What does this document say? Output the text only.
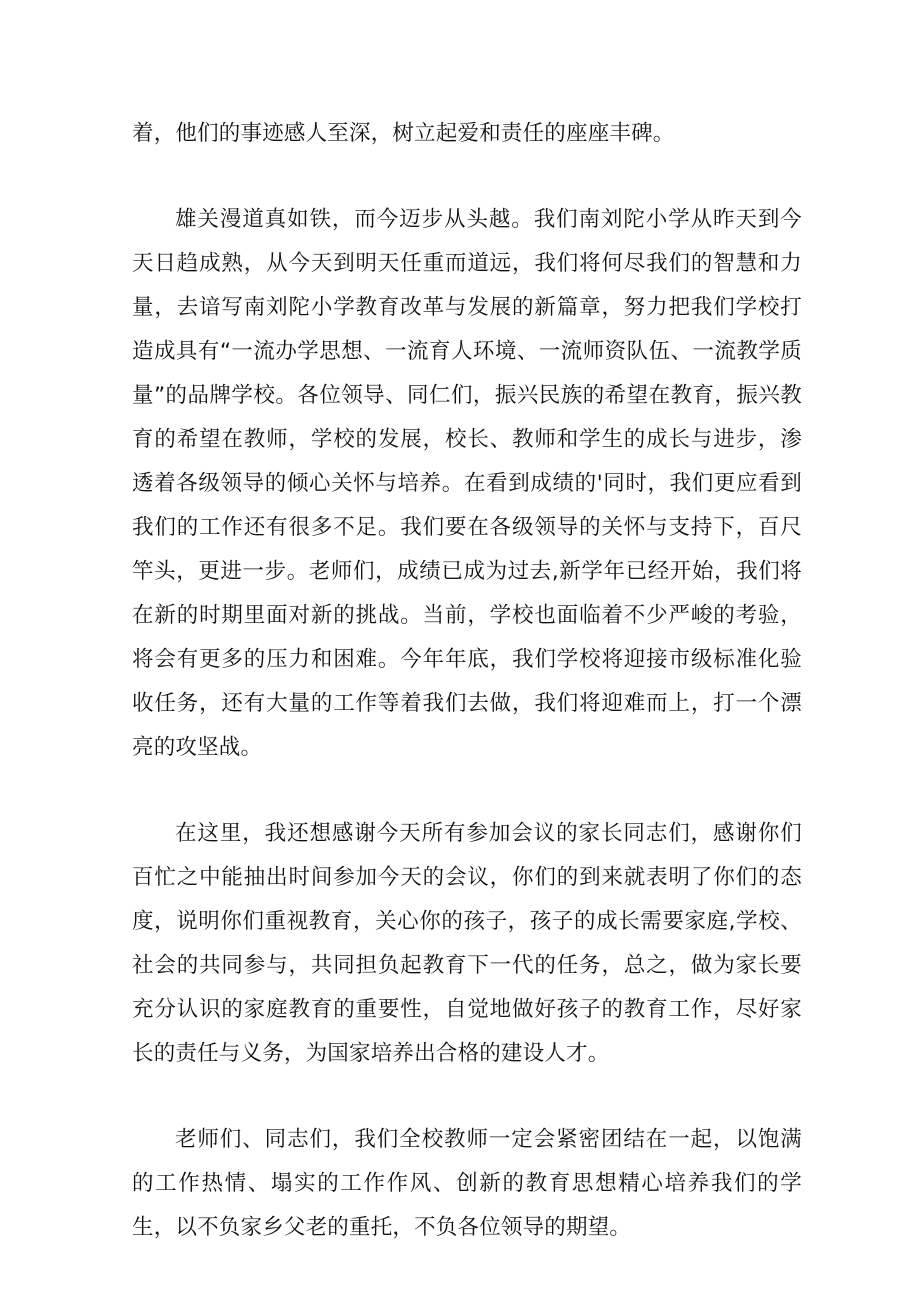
着，他们的事迹感人至深，树立起爱和责任的座座丰碑。

雄关漫道真如铁，而今迈步从头越。我们南刘陀小学从昨天到今天日趋成熟，从今天到明天任重而道远，我们将何尽我们的智慧和力量，去谙写南刘陀小学教育改革与发展的新篇章，努力把我们学校打造成具有“一流办学思想、一流育人环境、一流师资队伍、一流教学质量”的品牌学校。各位领导、同仁们，振兴民族的希望在教育，振兴教育的希望在教师，学校的发展，校长、教师和学生的成长与进步，渗透着各级领导的倾心关怀与培养。在看到成绩的'同时，我们更应看到我们的工作还有很多不足。我们要在各级领导的关怀与支持下，百尺竿头，更进一步。老师们，成绩已成为过去,新学年已经开始，我们将在新的时期里面对新的挑战。当前，学校也面临着不少严峻的考验，将会有更多的压力和困难。今年年底，我们学校将迎接市级标准化验收任务，还有大量的工作等着我们去做，我们将迎难而上，打一个漂亮的攻坚战。

在这里，我还想感谢今天所有参加会议的家长同志们，感谢你们百忙之中能抽出时间参加今天的会议，你们的到来就表明了你们的态度，说明你们重视教育，关心你的孩子，孩子的成长需要家庭,学校、社会的共同参与，共同担负起教育下一代的任务，总之，做为家长要充分认识的家庭教育的重要性，自觉地做好孩子的教育工作，尽好家长的责任与义务，为国家培养出合格的建设人才。

老师们、同志们，我们全校教师一定会紧密团结在一起，以饱满的工作热情、塌实的工作作风、创新的教育思想精心培养我们的学生，以不负家乡父老的重托，不负各位领导的期望。
